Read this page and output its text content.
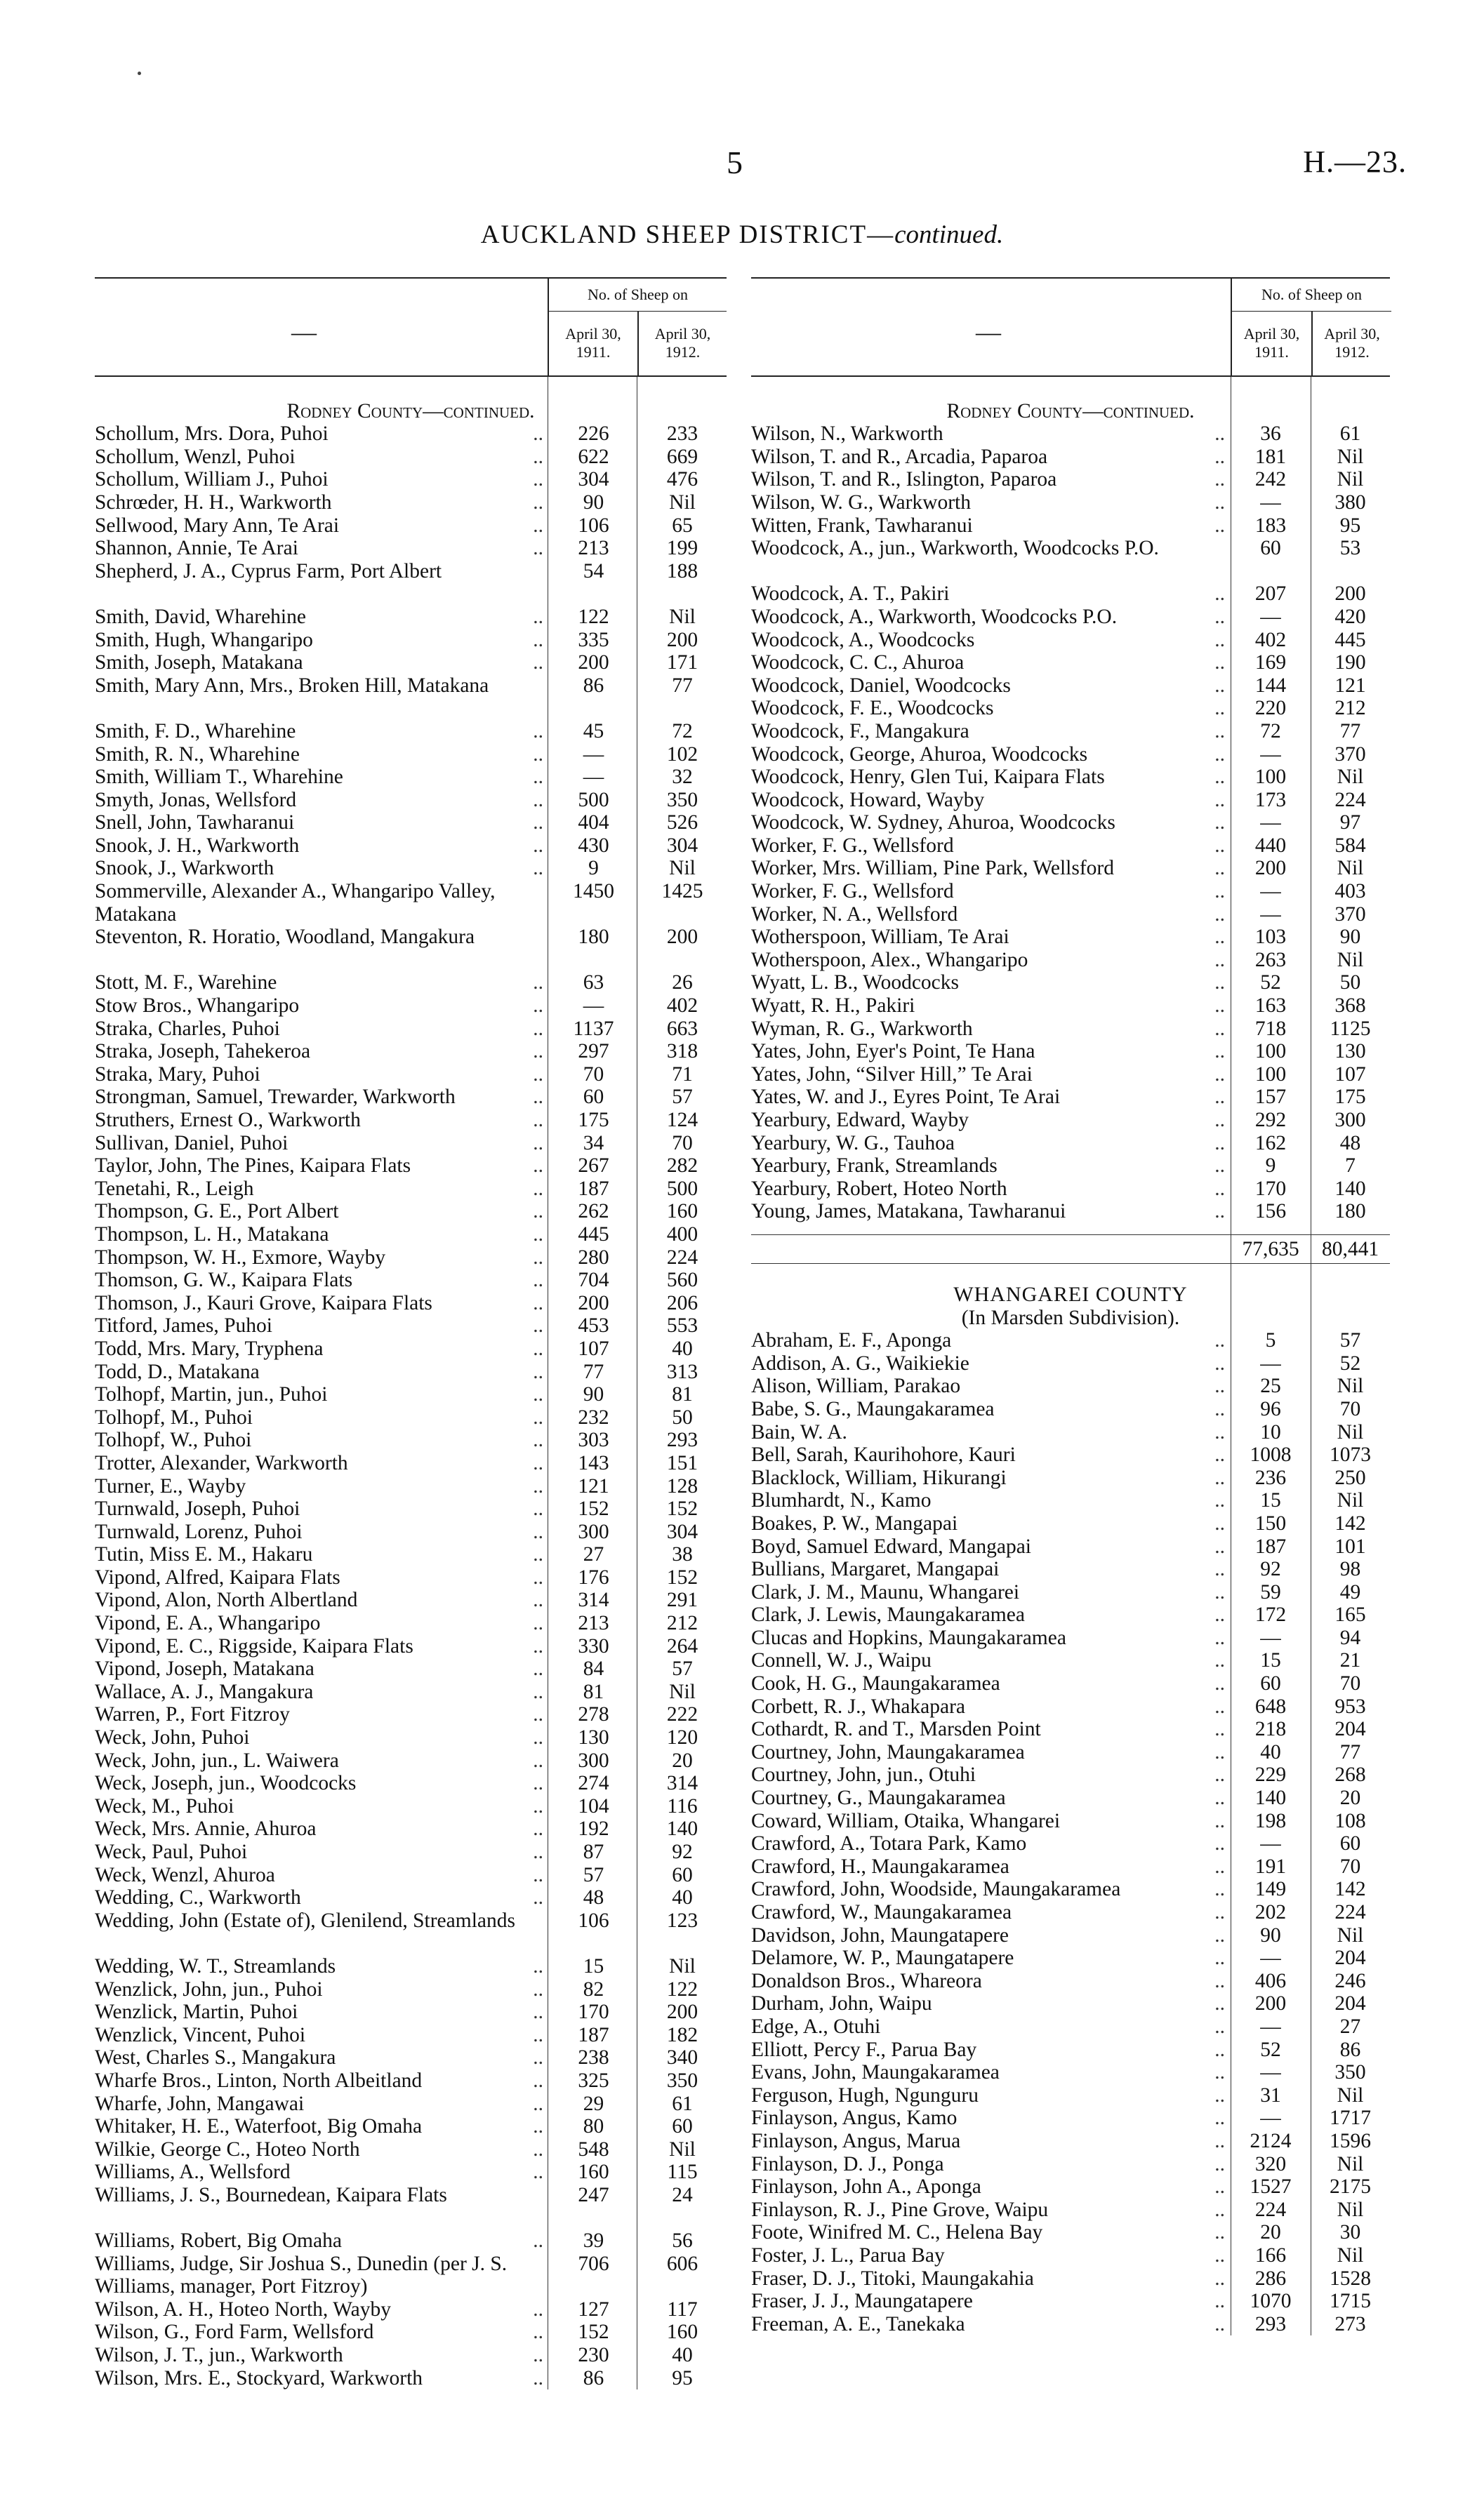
5	H.—23.
AUCKLAND SHEEP DISTRICT—continued.
—
No. of Sheep on
April 30, 1911.
April 30, 1912.
Rodney County—continued.
Schollum, Mrs. Dora, Puhoi	..	226	233
Schollum, Wenzl, Puhoi	..	622	669
Schollum, William J., Puhoi	..	304	476
Schrœder, H. H., Warkworth	..	90	Nil
Sellwood, Mary Ann, Te Arai	..	106	65
Shannon, Annie, Te Arai	..	213	199
Shepherd, J. A., Cyprus Farm, Port Albert	54	188
Smith, David, Wharehine	..	122	Nil
Smith, Hugh, Whangaripo	..	335	200
Smith, Joseph, Matakana	..	200	171
Smith, Mary Ann, Mrs., Broken Hill, Matakana	86	77
Smith, F. D., Wharehine	..	45	72
Smith, R. N., Wharehine	..	—	102
Smith, William T., Wharehine	..	—	32
Smyth, Jonas, Wellsford	..	500	350
Snell, John, Tawharanui	..	404	526
Snook, J. H., Warkworth	..	430	304
Snook, J., Warkworth	..	9	Nil
Sommerville, Alexander A., Whangaripo Valley, Matakana
1450	1425
Steventon, R. Horatio, Woodland, Mangakura	180	200
Stott, M. F., Warehine	..	63	26
Stow Bros., Whangaripo	..	—	402
Straka, Charles, Puhoi	..	1137	663
Straka, Joseph, Tahekeroa	..	297	318
Straka, Mary, Puhoi	..	70	71
Strongman, Samuel, Trewarder, Warkworth	..	60	57
Struthers, Ernest O., Warkworth	..	175	124
Sullivan, Daniel, Puhoi	..	34	70
Taylor, John, The Pines, Kaipara Flats	..	267	282
Tenetahi, R., Leigh	..	187	500
Thompson, G. E., Port Albert	..	262	160
Thompson, L. H., Matakana	..	445	400
Thompson, W. H., Exmore, Wayby	..	280	224
Thomson, G. W., Kaipara Flats	..	704	560
Thomson, J., Kauri Grove, Kaipara Flats	..	200	206
Titford, James, Puhoi	..	453	553
Todd, Mrs. Mary, Tryphena	..	107	40
Todd, D., Matakana	..	77	313
Tolhopf, Martin, jun., Puhoi	..	90	81
Tolhopf, M., Puhoi	..	232	50
Tolhopf, W., Puhoi	..	303	293
Trotter, Alexander, Warkworth	..	143	151
Turner, E., Wayby	..	121	128
Turnwald, Joseph, Puhoi	..	152	152
Turnwald, Lorenz, Puhoi	..	300	304
Tutin, Miss E. M., Hakaru	..	27	38
Vipond, Alfred, Kaipara Flats	..	176	152
Vipond, Alon, North Albertland	..	314	291
Vipond, E. A., Whangaripo	..	213	212
Vipond, E. C., Riggside, Kaipara Flats	..	330	264
Vipond, Joseph, Matakana	..	84	57
Wallace, A. J., Mangakura	..	81	Nil
Warren, P., Fort Fitzroy	..	278	222
Weck, John, Puhoi	..	130	120
Weck, John, jun., L. Waiwera	..	300	20
Weck, Joseph, jun., Woodcocks	..	274	314
Weck, M., Puhoi	..	104	116
Weck, Mrs. Annie, Ahuroa	..	192	140
Weck, Paul, Puhoi	..	87	92
Weck, Wenzl, Ahuroa	..	57	60
Wedding, C., Warkworth	..	48	40
Wedding, John (Estate of), Glenilend, Streamlands	106	123
Wedding, W. T., Streamlands	..	15	Nil
Wenzlick, John, jun., Puhoi	..	82	122
Wenzlick, Martin, Puhoi	..	170	200
Wenzlick, Vincent, Puhoi	..	187	182
West, Charles S., Mangakura	..	238	340
Wharfe Bros., Linton, North Albeitland	..	325	350
Wharfe, John, Mangawai	..	29	61
Whitaker, H. E., Waterfoot, Big Omaha	..	80	60
Wilkie, George C., Hoteo North	..	548	Nil
Williams, A., Wellsford	..	160	115
Williams, J. S., Bournedean, Kaipara Flats	247	24
Williams, Robert, Big Omaha	..	39	56
Williams, Judge, Sir Joshua S., Dunedin (per J. S. Williams, manager, Port Fitzroy)
706	606
Wilson, A. H., Hoteo North, Wayby	..	127	117
Wilson, G., Ford Farm, Wellsford	..	152	160
Wilson, J. T., jun., Warkworth	..	230	40
Wilson, Mrs. E., Stockyard, Warkworth	..	86	95
—
No. of Sheep on
April 30, 1911.
April 30, 1912.
Rodney County—continued.
Wilson, N., Warkworth	..	36	61
Wilson, T. and R., Arcadia, Paparoa	..	181	Nil
Wilson, T. and R., Islington, Paparoa	..	242	Nil
Wilson, W. G., Warkworth	..	—	380
Witten, Frank, Tawharanui	..	183	95
Woodcock, A., jun., Warkworth, Woodcocks P.O.	60	53
Woodcock, A. T., Pakiri	..	207	200
Woodcock, A., Warkworth, Woodcocks P.O.	..	—	420
Woodcock, A., Woodcocks	..	402	445
Woodcock, C. C., Ahuroa	..	169	190
Woodcock, Daniel, Woodcocks	..	144	121
Woodcock, F. E., Woodcocks	..	220	212
Woodcock, F., Mangakura	..	72	77
Woodcock, George, Ahuroa, Woodcocks	..	—	370
Woodcock, Henry, Glen Tui, Kaipara Flats	..	100	Nil
Woodcock, Howard, Wayby	..	173	224
Woodcock, W. Sydney, Ahuroa, Woodcocks	..	—	97
Worker, F. G., Wellsford	..	440	584
Worker, Mrs. William, Pine Park, Wellsford	..	200	Nil
Worker, F. G., Wellsford	..	—	403
Worker, N. A., Wellsford	..	—	370
Wotherspoon, William, Te Arai	..	103	90
Wotherspoon, Alex., Whangaripo	..	263	Nil
Wyatt, L. B., Woodcocks	..	52	50
Wyatt, R. H., Pakiri	..	163	368
Wyman, R. G., Warkworth	..	718	1125
Yates, John, Eyer's Point, Te Hana	..	100	130
Yates, John, “Silver Hill,” Te Arai	..	100	107
Yates, W. and J., Eyres Point, Te Arai	..	157	175
Yearbury, Edward, Wayby	..	292	300
Yearbury, W. G., Tauhoa	..	162	48
Yearbury, Frank, Streamlands	..	9	7
Yearbury, Robert, Hoteo North	..	170	140
Young, James, Matakana, Tawharanui	..	156	180
77,635	80,441
WHANGAREI COUNTY
(In Marsden Subdivision).
Abraham, E. F., Aponga	..	5	57
Addison, A. G., Waikiekie	..	—	52
Alison, William, Parakao	..	25	Nil
Babe, S. G., Maungakaramea	..	96	70
Bain, W. A.	..	10	Nil
Bell, Sarah, Kaurihohore, Kauri	..	1008	1073
Blacklock, William, Hikurangi	..	236	250
Blumhardt, N., Kamo	..	15	Nil
Boakes, P. W., Mangapai	..	150	142
Boyd, Samuel Edward, Mangapai	..	187	101
Bullians, Margaret, Mangapai	..	92	98
Clark, J. M., Maunu, Whangarei	..	59	49
Clark, J. Lewis, Maungakaramea	..	172	165
Clucas and Hopkins, Maungakaramea	..	—	94
Connell, W. J., Waipu	..	15	21
Cook, H. G., Maungakaramea	..	60	70
Corbett, R. J., Whakapara	..	648	953
Cothardt, R. and T., Marsden Point	..	218	204
Courtney, John, Maungakaramea	..	40	77
Courtney, John, jun., Otuhi	..	229	268
Courtney, G., Maungakaramea	..	140	20
Coward, William, Otaika, Whangarei	..	198	108
Crawford, A., Totara Park, Kamo	..	—	60
Crawford, H., Maungakaramea	..	191	70
Crawford, John, Woodside, Maungakaramea	..	149	142
Crawford, W., Maungakaramea	..	202	224
Davidson, John, Maungatapere	..	90	Nil
Delamore, W. P., Maungatapere	..	—	204
Donaldson Bros., Whareora	..	406	246
Durham, John, Waipu	..	200	204
Edge, A., Otuhi	..	—	27
Elliott, Percy F., Parua Bay	..	52	86
Evans, John, Maungakaramea	..	—	350
Ferguson, Hugh, Ngunguru	..	31	Nil
Finlayson, Angus, Kamo	..	—	1717
Finlayson, Angus, Marua	..	2124	1596
Finlayson, D. J., Ponga	..	320	Nil
Finlayson, John A., Aponga	..	1527	2175
Finlayson, R. J., Pine Grove, Waipu	..	224	Nil
Foote, Winifred M. C., Helena Bay	..	20	30
Foster, J. L., Parua Bay	..	166	Nil
Fraser, D. J., Titoki, Maungakahia	..	286	1528
Fraser, J. J., Maungatapere	..	1070	1715
Freeman, A. E., Tanekaka	..	293	273
